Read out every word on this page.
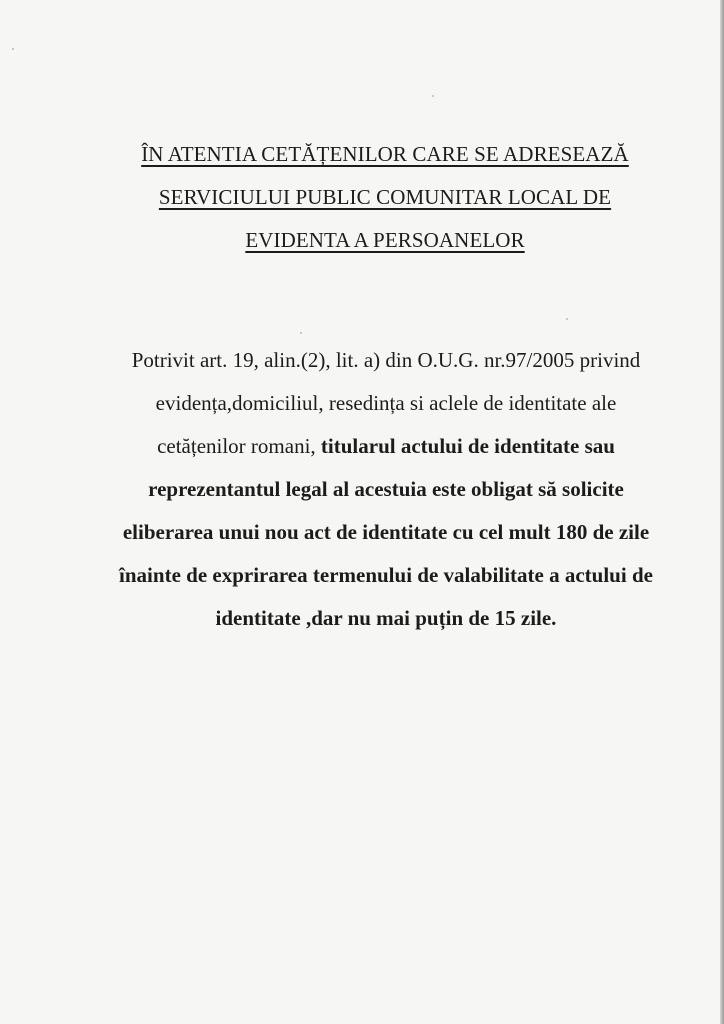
ÎN ATENTIA CETĂȚENILOR CARE SE ADRESEAZĂ
SERVICIULUI PUBLIC COMUNITAR LOCAL DE
EVIDENTA A PERSOANELOR
Potrivit art. 19, alin.(2), lit. a) din O.U.G. nr.97/2005 privind
evidența,domiciliul, resedința si aclele de identitate ale
cetățenilor romani, titularul actului de identitate sau
reprezentantul legal al acestuia este obligat să solicite
eliberarea unui nou act de identitate cu cel mult 180 de zile
înainte de exprirarea termenului de valabilitate a actului de
identitate ,dar nu mai puțin de 15 zile.
